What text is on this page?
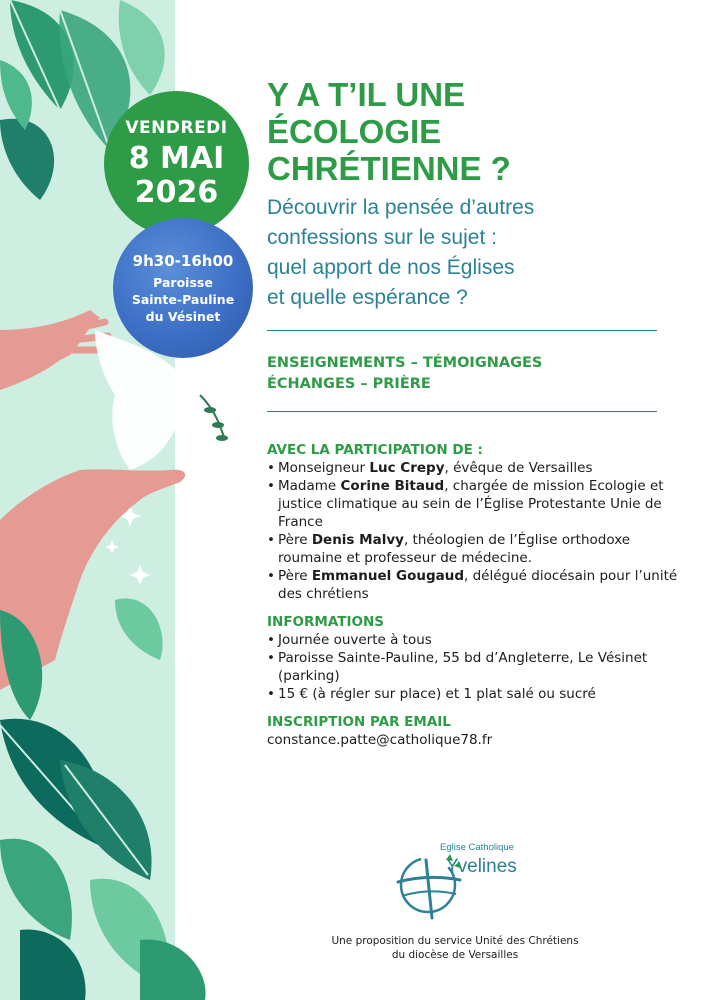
VENDREDI
8 MAI
2026
9h30-16h00
Paroisse
Sainte-Pauline
du Vésinet
Y A T’IL UNE
ÉCOLOGIE
CHRÉTIENNE ?

Découvrir la pensée d’autres
confessions sur le sujet :
quel apport de nos Églises
et quelle espérance ?

ENSEIGNEMENTS – TÉMOIGNAGES
ÉCHANGES – PRIÈRE

AVEC LA PARTICIPATION DE :
• Monseigneur Luc Crepy, évêque de Versailles
• Madame Corine Bitaud, chargée de mission Ecologie et justice climatique au sein de l’Église Protestante Unie de France
• Père Denis Malvy, théologien de l’Église orthodoxe roumaine et professeur de médecine.
• Père Emmanuel Gougaud, délégué diocésain pour l’unité des chrétiens
INFORMATIONS
• Journée ouverte à tous
• Paroisse Sainte-Pauline, 55 bd d’Angleterre, Le Vésinet (parking)
• 15 € (à régler sur place) et 1 plat salé ou sucré
INSCRIPTION PAR EMAIL

constance.patte@catholique78.fr

Eglise Catholique
Yvelines

Une proposition du service Unité des Chrétiens
du diocèse de Versailles
